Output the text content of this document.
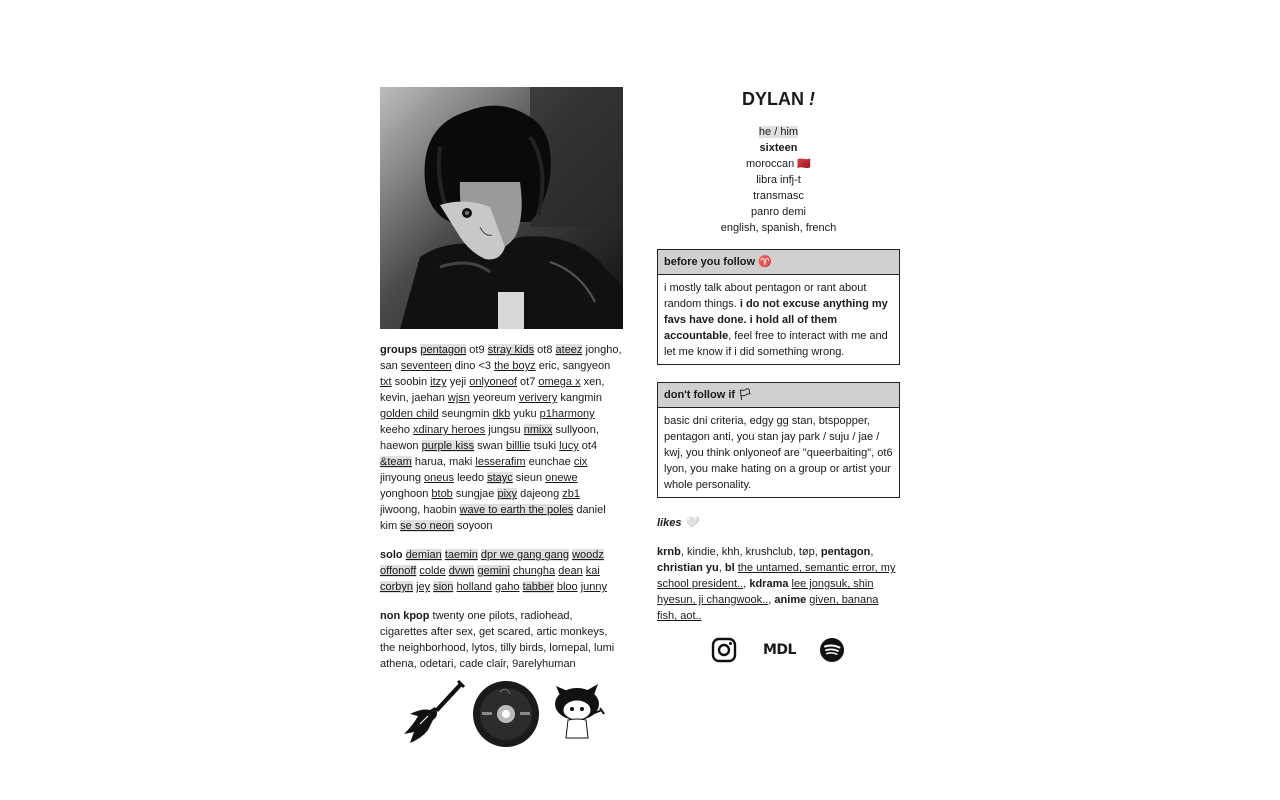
groups pentagon ot9 stray kids ot8 ateez jongho, san seventeen dino <3 the boyz eric, sangyeon txt soobin itzy yeji onlyoneof ot7 omega x xen, kevin, jaehan wjsn yeoreum verivery kangmin golden child seungmin dkb yuku p1harmony keeho xdinary heroes jungsu nmixx sullyoon, haewon purple kiss swan billlie tsuki lucy ot4 &team harua, maki lesserafim eunchae cix jinyoung oneus leedo stayc sieun onewe yonghoon btob sungjae pixy dajeong zb1 jiwoong, haobin wave to earth the poles daniel kim se so neon soyoon

solo demian taemin dpr we gang gang woodz offonoff colde dvwn gemini chungha dean kai corbyn jey sion holland gaho tabber bloo junny

non kpop twenty one pilots, radiohead, cigarettes after sex, get scared, artic monkeys, the neighborhood, lytos, tilly birds, lomepal, lumi athena, odetari, cade clair, 9arelyhuman

DYLAN !
he / him
sixteen
moroccan 🇲🇦
libra infj-t
transmasc
panro demi
english, spanish, french
before you follow ♈
i mostly talk about pentagon or rant about random things. i do not excuse anything my favs have done. i hold all of them accountable, feel free to interact with me and let me know if i did something wrong.
don't follow if 🏳
basic dni criteria, edgy gg stan, btspopper, pentagon anti, you stan jay park / suju / jae / kwj, you think onlyoneof are "queerbaiting", ot6 lyon, you make hating on a group or artist your whole personality.
likes 🤍

krnb, kindie, khh, krushclub, tøp, pentagon, christian yu, bl the untamed, semantic error, my school president.., kdrama lee jongsuk, shin hyesun, ji changwook.., anime given, banana fish, aot..

MDL
